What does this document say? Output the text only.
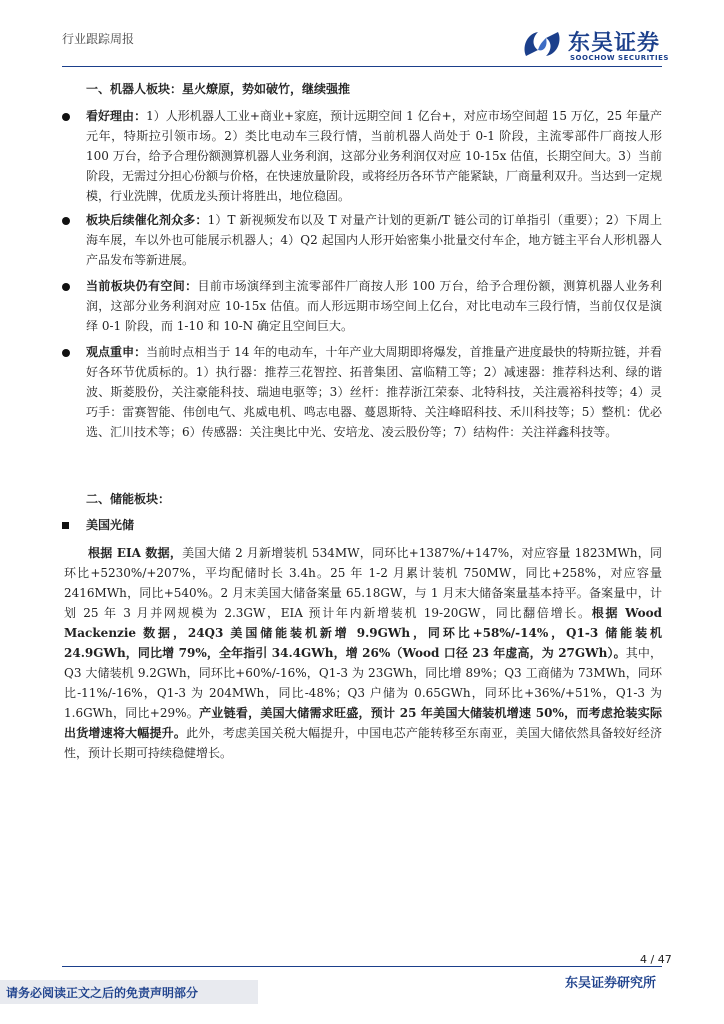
行业跟踪周报	东吴证券
SOOCHOW SECURITIES

一、机器人板块：星火燎原，势如破竹，继续强推

看好理由：1）人形机器人工业+商业+家庭，预计远期空间 1 亿台+，对应市场空间超 15 万亿，25 年量产元年，特斯拉引领市场。2）类比电动车三段行情，当前机器人尚处于 0-1 阶段，主流零部件厂商按人形 100 万台，给予合理份额测算机器人业务利润，这部分业务利润仅对应 10-15x 估值，长期空间大。3）当前阶段，无需过分担心份额与价格，在快速放量阶段，或将经历各环节产能紧缺，厂商量利双升。当达到一定规模，行业洗牌，优质龙头预计将胜出，地位稳固。
板块后续催化剂众多：1）T 新视频发布以及 T 对量产计划的更新/T 链公司的订单指引（重要）；2）下周上海车展，车以外也可能展示机器人；4）Q2 起国内人形开始密集小批量交付车企，地方链主平台人形机器人产品发布等新进展。
当前板块仍有空间：目前市场演绎到主流零部件厂商按人形 100 万台，给予合理份额，测算机器人业务利润，这部分业务利润对应 10-15x 估值。而人形远期市场空间上亿台，对比电动车三段行情，当前仅仅是演绎 0-1 阶段，而 1-10 和 10-N 确定且空间巨大。
观点重申：当前时点相当于 14 年的电动车，十年产业大周期即将爆发，首推量产进度最快的特斯拉链，并看好各环节优质标的。1）执行器：推荐三花智控、拓普集团、富临精工等；2）减速器：推荐科达利、绿的谐波、斯菱股份，关注豪能科技、瑞迪电驱等；3）丝杆：推荐浙江荣泰、北特科技，关注震裕科技等；4）灵巧手：雷赛智能、伟创电气、兆威电机、鸣志电器、蔓恩斯特、关注峰昭科技、禾川科技等；5）整机：优必选、汇川技术等；6）传感器：关注奥比中光、安培龙、凌云股份等；7）结构件：关注祥鑫科技等。

二、储能板块：

美国光储
根据 EIA 数据，美国大储 2 月新增装机 534MW，同环比+1387%/+147%，对应容量 1823MWh，同环比+5230%/+207%，平均配储时长 3.4h。25 年 1-2 月累计装机 750MW，同比+258%，对应容量 2416MWh，同比+540%。2 月末美国大储备案量 65.18GW，与 1 月末大储备案量基本持平。备案量中，计划 25 年 3 月并网规模为 2.3GW，EIA 预计年内新增装机 19-20GW，同比翻倍增长。根据 Wood Mackenzie 数据，24Q3 美国储能装机新增 9.9GWh，同环比+58%/-14%，Q1-3 储能装机 24.9GWh，同比增 79%，全年指引 34.4GWh，增 26%（Wood 口径 23 年虚高，为 27GWh）。其中，Q3 大储装机 9.2GWh，同环比+60%/-16%，Q1-3 为 23GWh，同比增 89%；Q3 工商储为 73MWh，同环比-11%/-16%，Q1-3 为 204MWh，同比-48%；Q3 户储为 0.65GWh，同环比+36%/+51%，Q1-3 为 1.6GWh，同比+29%。产业链看，美国大储需求旺盛，预计 25 年美国大储装机增速 50%，而考虑抢装实际出货增速将大幅提升。此外，考虑美国关税大幅提升，中国电芯产能转移至东南亚，美国大储依然具备较好经济性，预计长期可持续稳健增长。
4 / 47
东吴证券研究所
请务必阅读正文之后的免责声明部分
